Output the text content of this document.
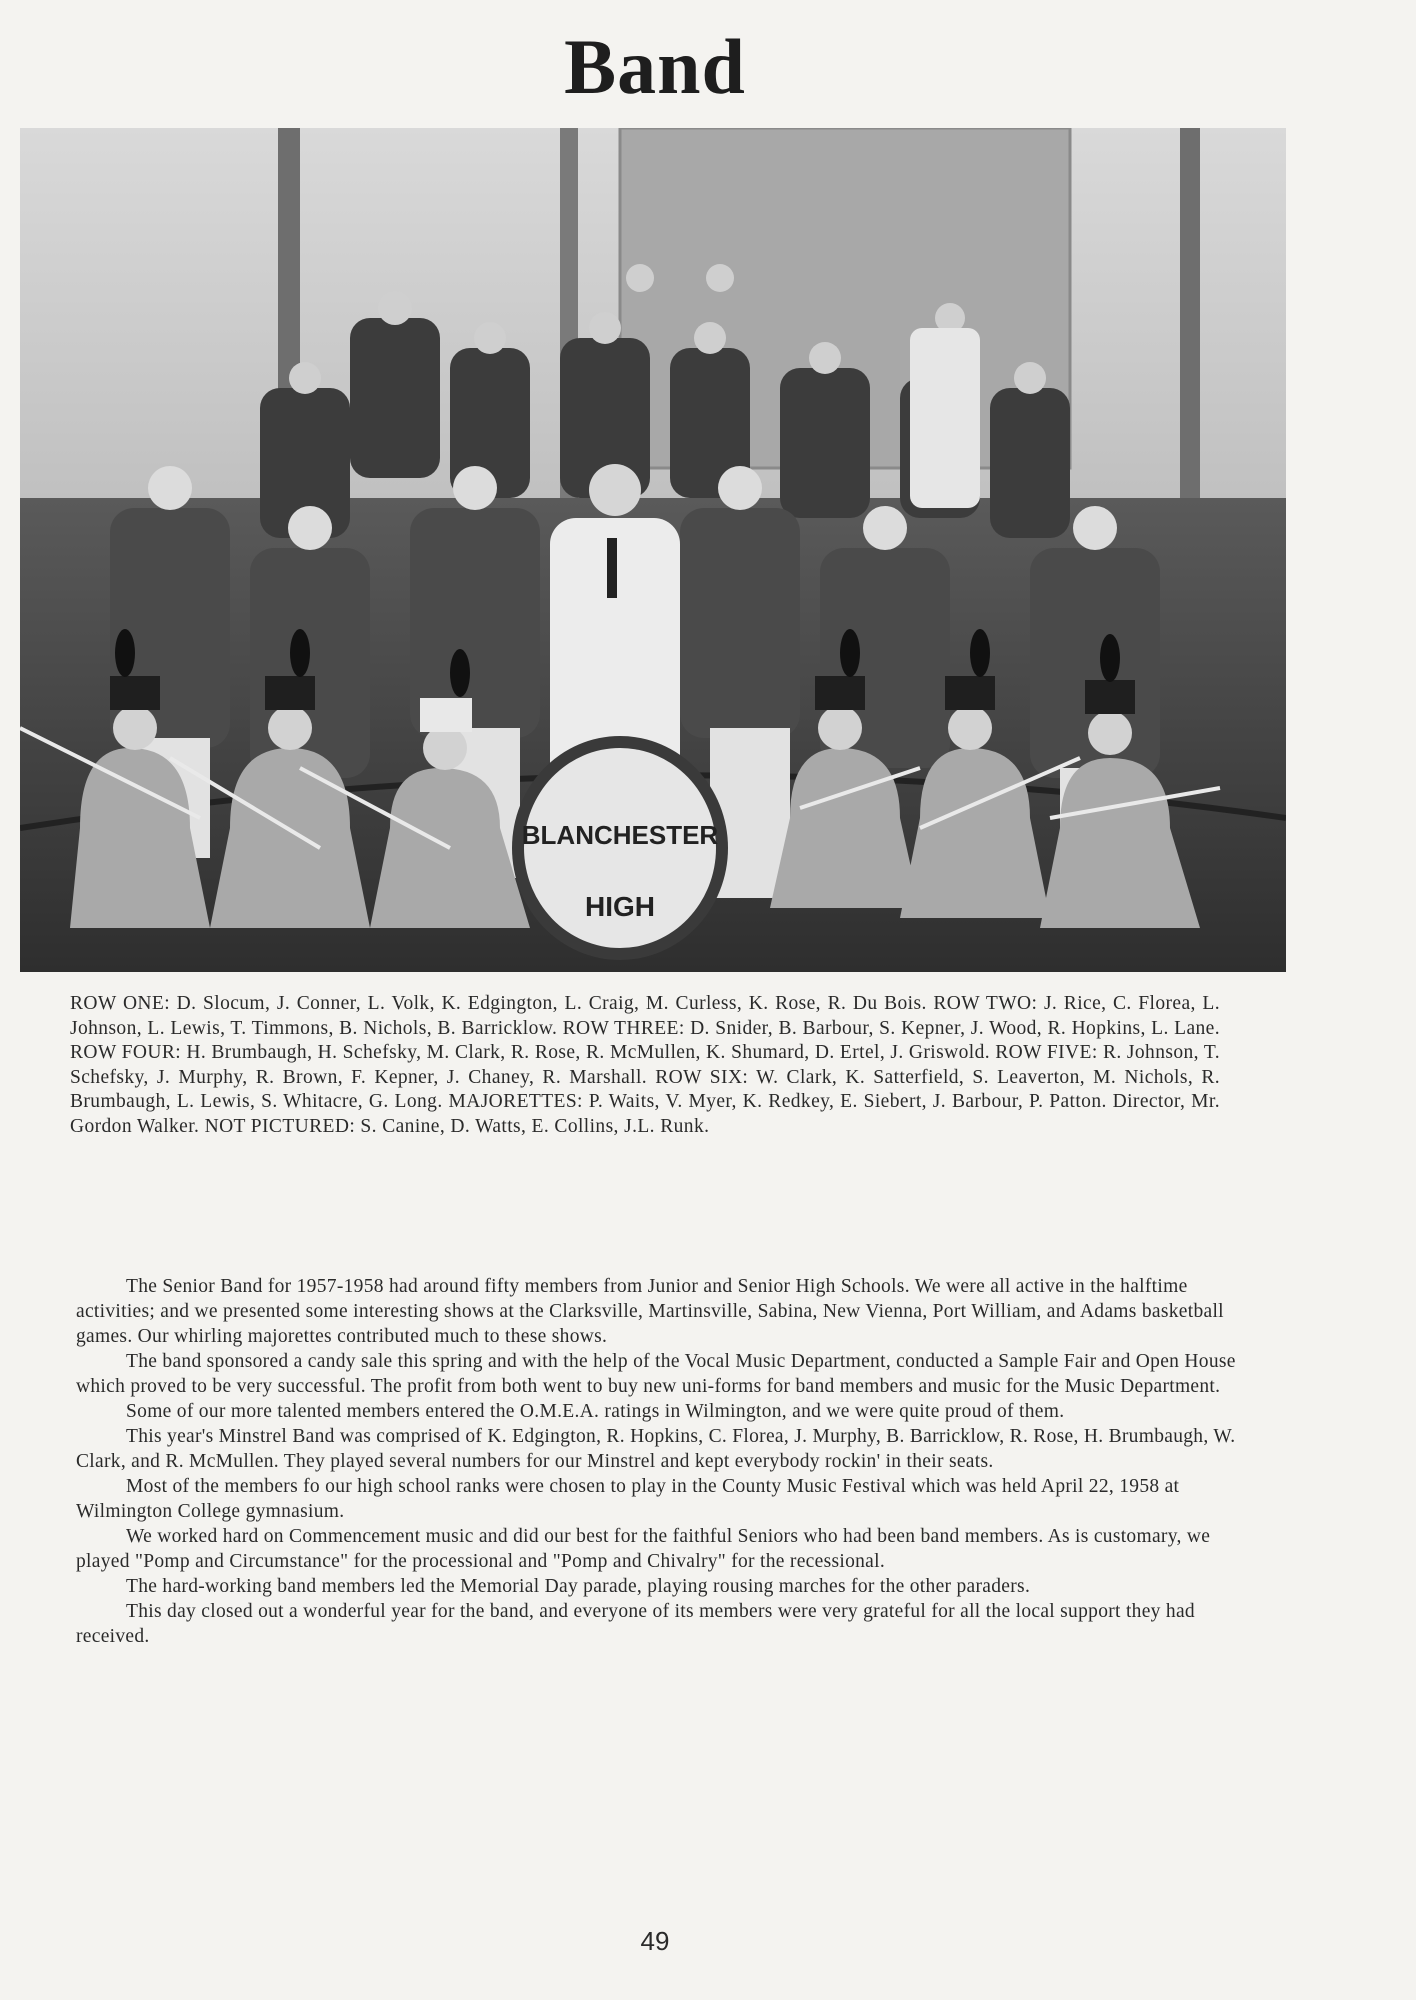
Band
BLANCHESTER
HIGH
ROW ONE: D. Slocum, J. Conner, L. Volk, K. Edgington, L. Craig, M. Curless, K. Rose, R. Du Bois. ROW TWO: J. Rice, C. Florea, L. Johnson, L. Lewis, T. Timmons, B. Nichols, B. Barricklow. ROW THREE: D. Snider, B. Barbour, S. Kepner, J. Wood, R. Hopkins, L. Lane. ROW FOUR: H. Brumbaugh, H. Schefsky, M. Clark, R. Rose, R. McMullen, K. Shumard, D. Ertel, J. Griswold. ROW FIVE: R. Johnson, T. Schefsky, J. Murphy, R. Brown, F. Kepner, J. Chaney, R. Marshall. ROW SIX: W. Clark, K. Satterfield, S. Leaverton, M. Nichols, R. Brumbaugh, L. Lewis, S. Whitacre, G. Long. MAJORETTES: P. Waits, V. Myer, K. Redkey, E. Siebert, J. Barbour, P. Patton. Director, Mr. Gordon Walker. NOT PICTURED: S. Canine, D. Watts, E. Collins, J.L. Runk.

The Senior Band for 1957-1958 had around fifty members from Junior and Senior High Schools. We were all active in the halftime activities; and we presented some interesting shows at the Clarksville, Martinsville, Sabina, New Vienna, Port William, and Adams basketball games. Our whirling majorettes contributed much to these shows.

The band sponsored a candy sale this spring and with the help of the Vocal Music Department, conducted a Sample Fair and Open House which proved to be very successful. The profit from both went to buy new uni-forms for band members and music for the Music Department.

Some of our more talented members entered the O.M.E.A. ratings in Wilmington, and we were quite proud of them.

This year's Minstrel Band was comprised of K. Edgington, R. Hopkins, C. Florea, J. Murphy, B. Barricklow, R. Rose, H. Brumbaugh, W. Clark, and R. McMullen. They played several numbers for our Minstrel and kept everybody rockin' in their seats.

Most of the members fo our high school ranks were chosen to play in the County Music Festival which was held April 22, 1958 at Wilmington College gymnasium.

We worked hard on Commencement music and did our best for the faithful Seniors who had been band members. As is customary, we played "Pomp and Circumstance" for the processional and "Pomp and Chivalry" for the recessional.

The hard-working band members led the Memorial Day parade, playing rousing marches for the other paraders.

This day closed out a wonderful year for the band, and everyone of its members were very grateful for all the local support they had received.

49
